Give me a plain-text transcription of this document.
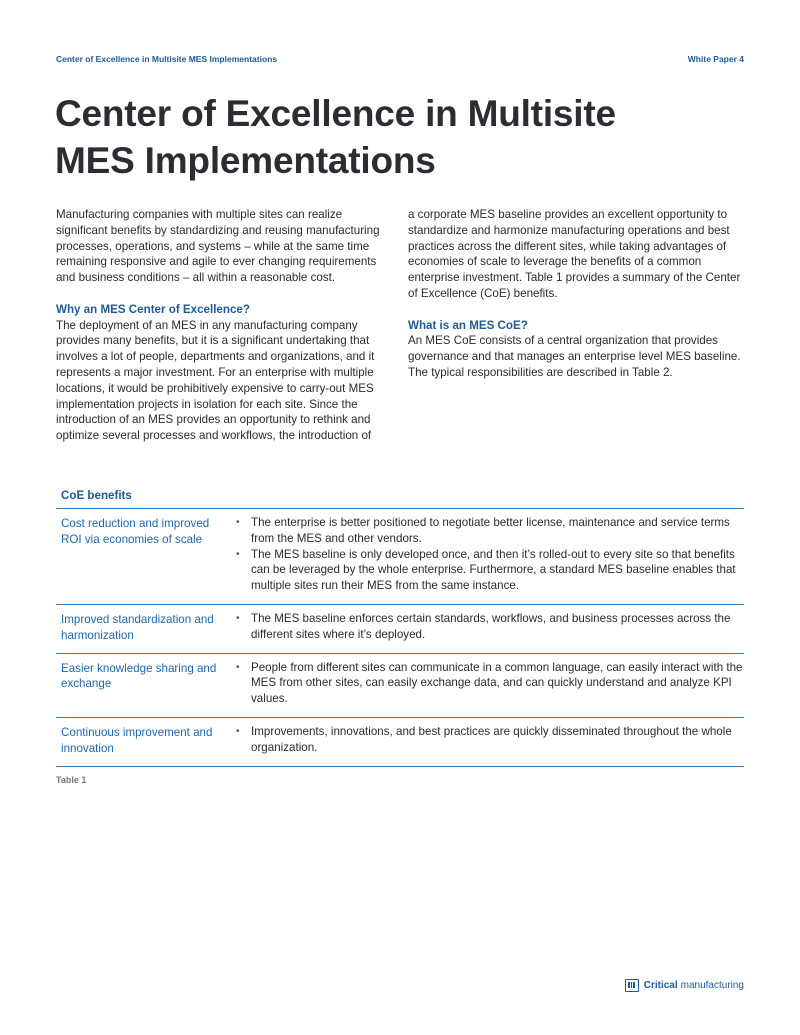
Center of Excellence in Multisite MES Implementations	White Paper 4
Center of Excellence in Multisite
MES Implementations

Manufacturing companies with multiple sites can realize significant benefits by standardizing and reusing manufacturing processes, operations, and systems – while at the same time remaining responsive and agile to ever changing requirements and business conditions – all within a reasonable cost.

Why an MES Center of Excellence?

The deployment of an MES in any manufacturing company provides many benefits, but it is a significant undertaking that involves a lot of people, departments and organizations, and it represents a major investment. For an enterprise with multiple locations, it would be prohibitively expensive to carry-out MES implementation projects in isolation for each site. Since the introduction of an MES provides an opportunity to rethink and optimize several processes and workflows, the introduction of

a corporate MES baseline provides an excellent opportunity to standardize and harmonize manufacturing operations and best practices across the different sites, while taking advantages of economies of scale to leverage the benefits of a common enterprise investment. Table 1 provides a summary of the Center of Excellence (CoE) benefits.

What is an MES CoE?

An MES CoE consists of a central organization that provides governance and that manages an enterprise level MES baseline. The typical responsibilities are described in Table 2.

CoE benefits
Cost reduction and improved ROI via economies of scale
• The enterprise is better positioned to negotiate better license, maintenance and service terms from the MES and other vendors.
• The MES baseline is only developed once, and then it’s rolled-out to every site so that benefits can be leveraged by the whole enterprise. Furthermore, a standard MES baseline enables that multiple sites run their MES from the same instance.
Improved standardization and harmonization
• The MES baseline enforces certain standards, workflows, and business processes across the different sites where it’s deployed.
Easier knowledge sharing and exchange
• People from different sites can communicate in a common language, can easily interact with the MES from other sites, can easily exchange data, and can quickly understand and analyze KPI values.
Continuous improvement and innovation
• Improvements, innovations, and best practices are quickly disseminated throughout the whole organization.
Table 1
Critical manufacturing
